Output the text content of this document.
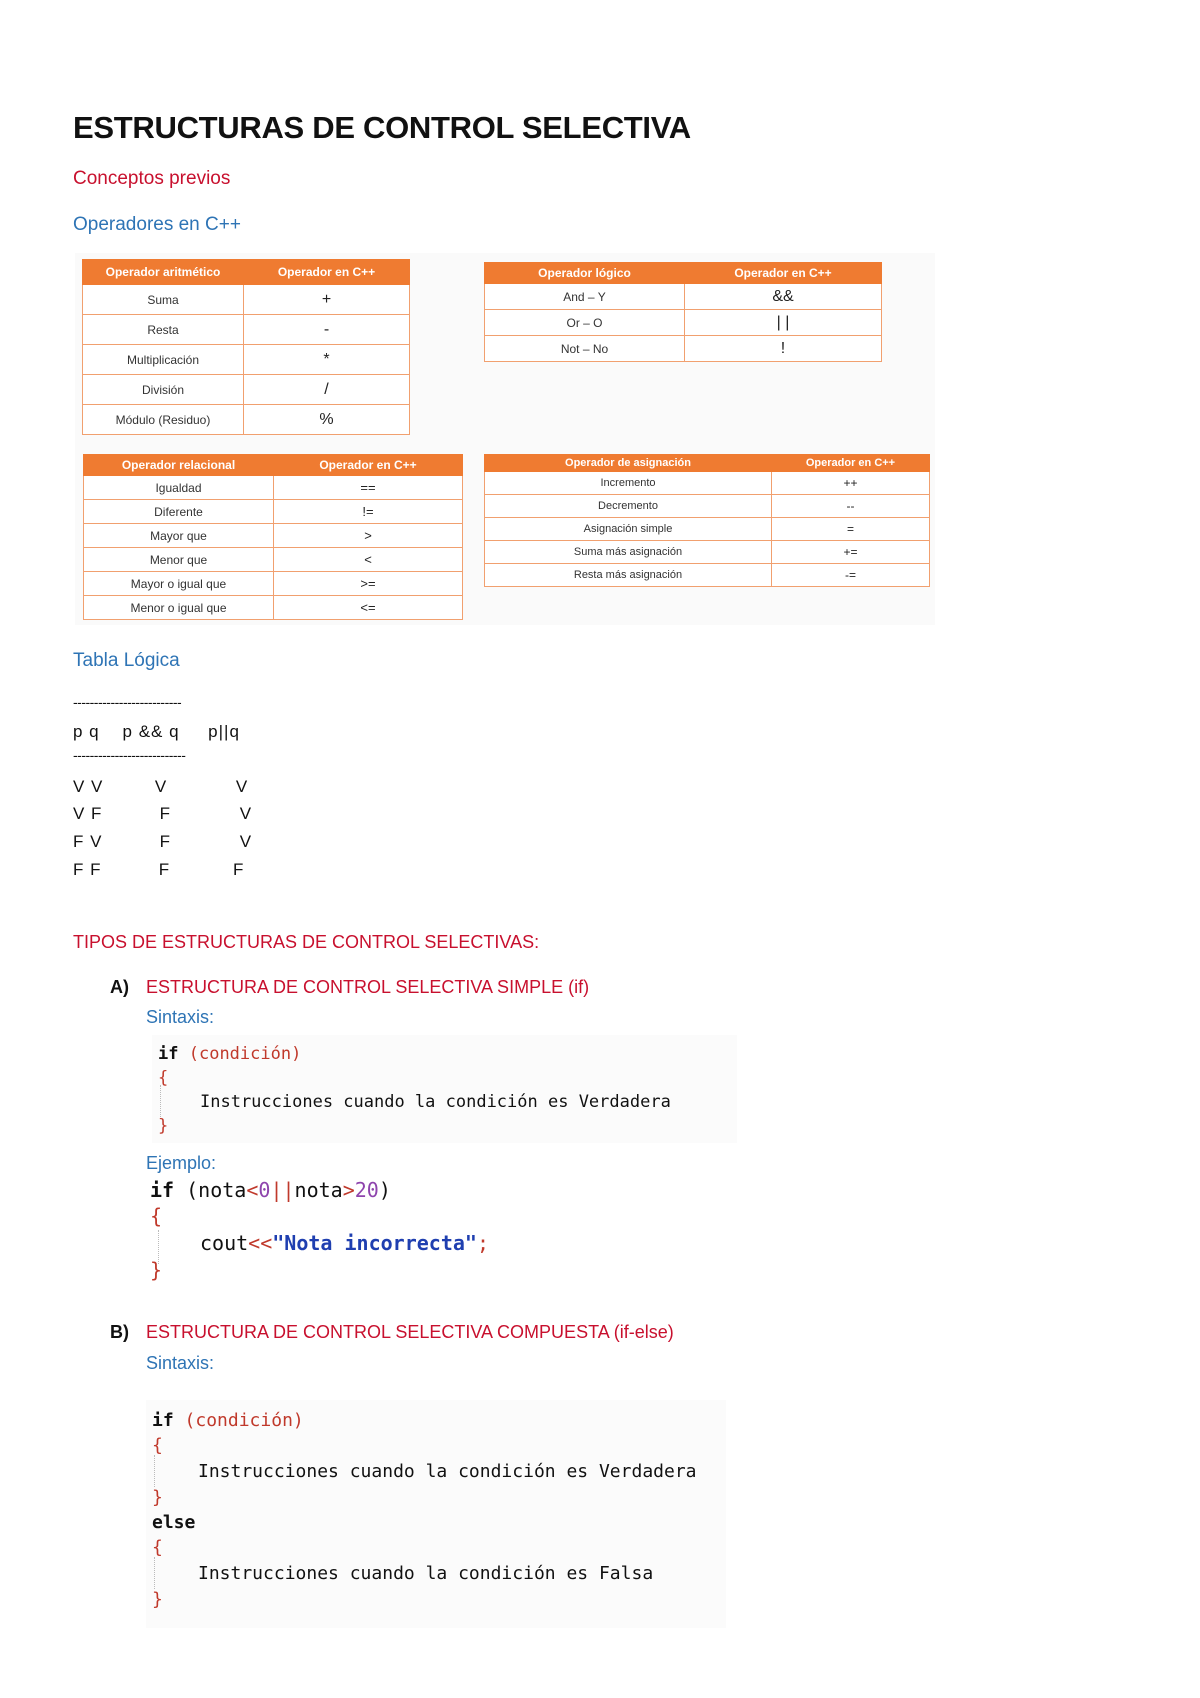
ESTRUCTURAS DE CONTROL SELECTIVA
Conceptos previos
Operadores en C++
Operador aritmético	Operador en C++
Suma	+
Resta	-
Multiplicación	*
División	/
Módulo (Residuo)	%
Operador lógico	Operador en C++
And – Y	&&
Or – O	| |
Not – No	!
Operador relacional	Operador en C++
Igualdad	==
Diferente	!=
Mayor que	>
Menor que	<
Mayor o igual que	>=
Menor o igual que	<=
Operador de asignación	Operador en C++
Incremento	++
Decremento	--
Asignación simple	=
Suma más asignación	+=
Resta más asignación	-=
Tabla Lógica
--------------------------
p q    p && q     p||q
---------------------------
V V         V            V
V F          F            V
F V          F            V
F F          F           F
TIPOS DE ESTRUCTURAS DE CONTROL SELECTIVAS:
A) ESTRUCTURA DE CONTROL SELECTIVA SIMPLE (if)
Sintaxis:
if (condición)
{
Instrucciones cuando la condición es Verdadera
}
Ejemplo:
if (nota<0||nota>20)
{
cout<<"Nota incorrecta";
}
B) ESTRUCTURA DE CONTROL SELECTIVA COMPUESTA (if-else)
Sintaxis:
if (condición)
{
Instrucciones cuando la condición es Verdadera
}
else
{
Instrucciones cuando la condición es Falsa
}
